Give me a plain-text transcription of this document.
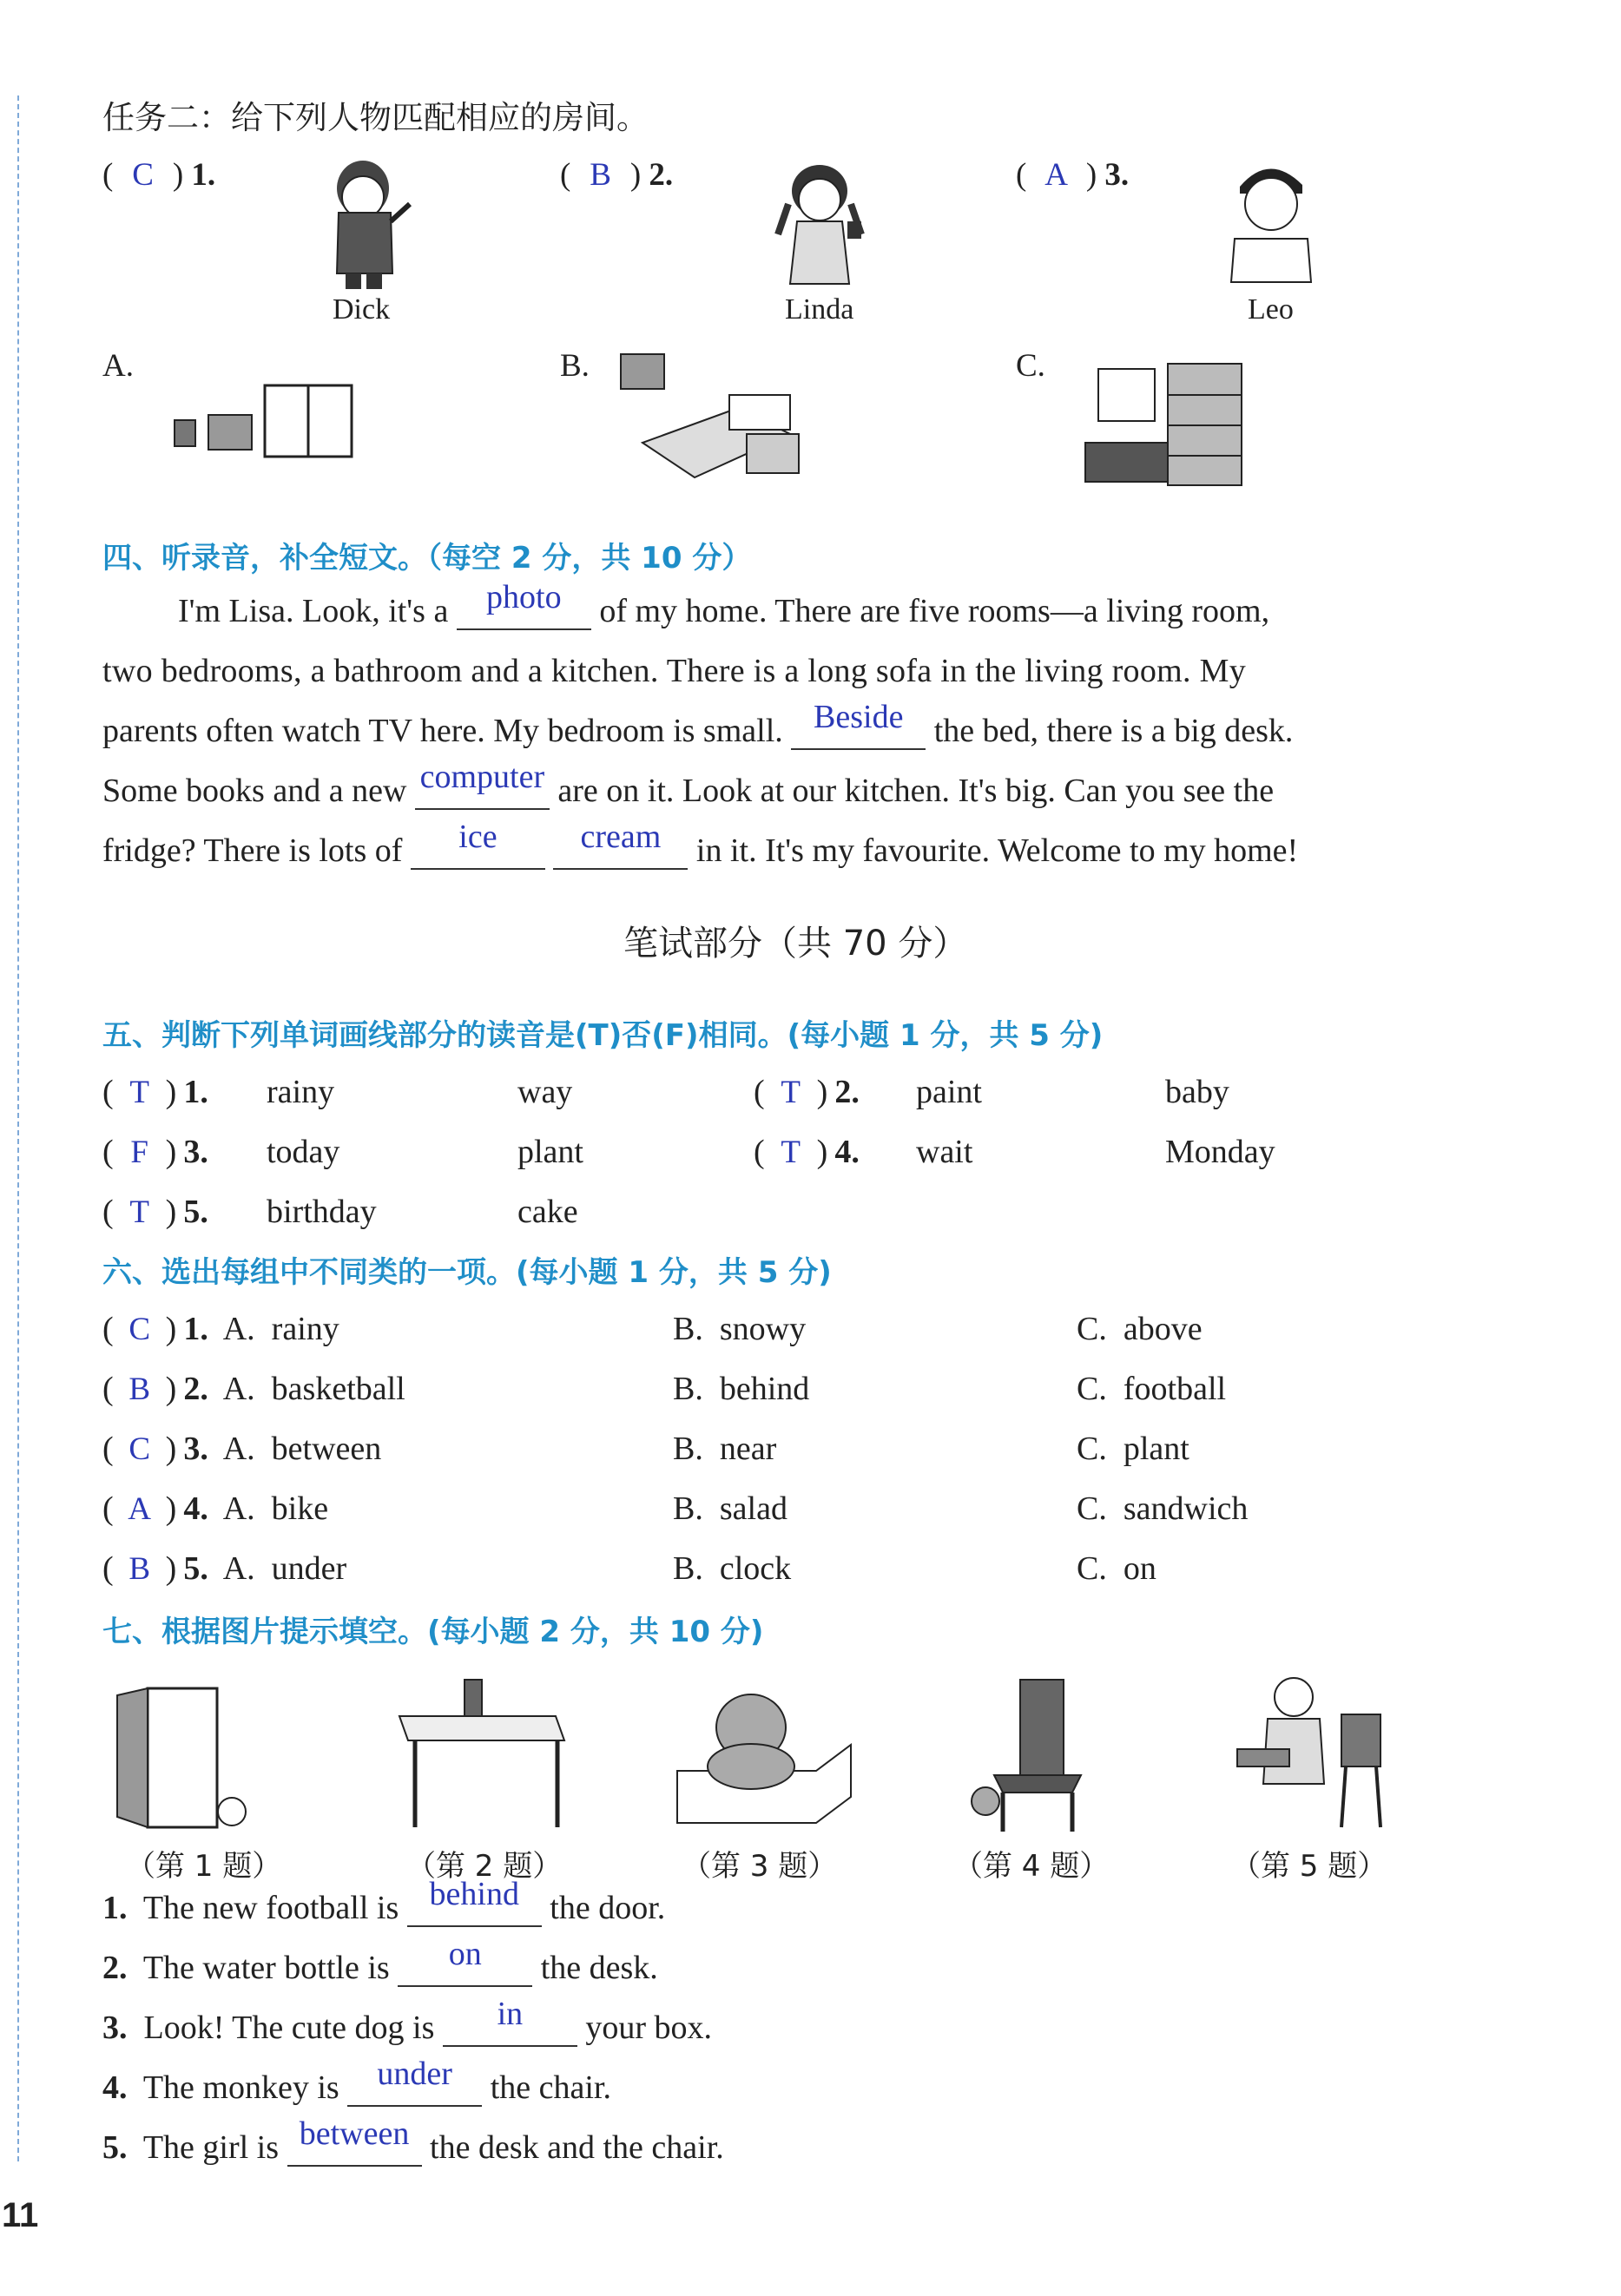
任务二：给下列人物匹配相应的房间。
( C ) 1.	( B ) 2.	( A ) 3.
Dick	Linda	Leo
A.	B.	C.
四、听录音，补全短文。（每空 2 分，共 10 分）
I'm Lisa. Look, it's a photo of my home. There are five rooms—a living room,
two bedrooms, a bathroom and a kitchen. There is a long sofa in the living room. My
parents often watch TV here. My bedroom is small. Beside the bed, there is a big desk.
Some books and a new computer are on it. Look at our kitchen. It's big. Can you see the
fridge? There is lots of ice	cream in it. It's my favourite. Welcome to my home!
笔试部分（共 70 分）
五、判断下列单词画线部分的读音是(T)否(F)相同。(每小题 1 分，共 5 分)
( T ) 1. rainy	way	( T ) 2. paint	baby
( F ) 3. today	plant	( T ) 4. wait	Monday
( T ) 5. birthday	cake
六、选出每组中不同类的一项。(每小题 1 分，共 5 分)
( C ) 1. A. rainy	B. snowy	C. above
( B ) 2. A. basketball	B. behind	C. football
( C ) 3. A. between	B. near	C. plant
( A ) 4. A. bike	B. salad	C. sandwich
( B ) 5. A. under	B. clock	C. on
七、根据图片提示填空。(每小题 2 分，共 10 分)
（第 1 题）	（第 2 题）	（第 3 题）	（第 4 题）	（第 5 题）
1. The new football is behind the door.
2. The water bottle is on the desk.
3. Look! The cute dog is in your box.
4. The monkey is under the chair.
5. The girl is between the desk and the chair.
11
